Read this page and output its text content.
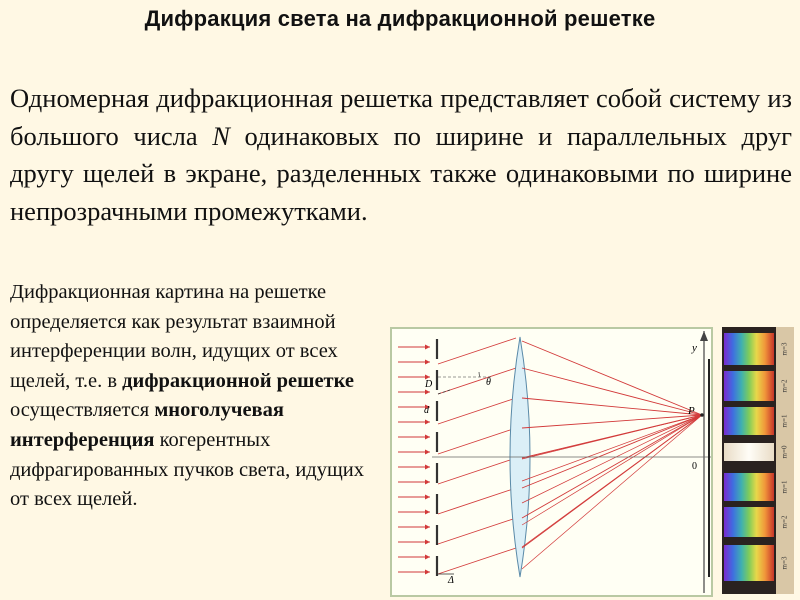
Дифракция света на дифракционной решетке

Одномерная дифракционная решетка представляет собой систему из большого числа N одинаковых по ширине и параллельных друг другу щелей в экране, разделенных также одинаковыми по ширине непрозрачными промежутками.

Дифракционная картина на решетке определяется как результат взаимной интерференции волн, идущих от всех щелей, т.е. в дифракционной решетке осуществляется многолучевая интерференция когерентных дифрагированных пучков света, идущих от всех щелей.

y
P
0
d
D	θ
Δ
m=3
m=2
m=1
m=0
m=1
m=2
m=3
